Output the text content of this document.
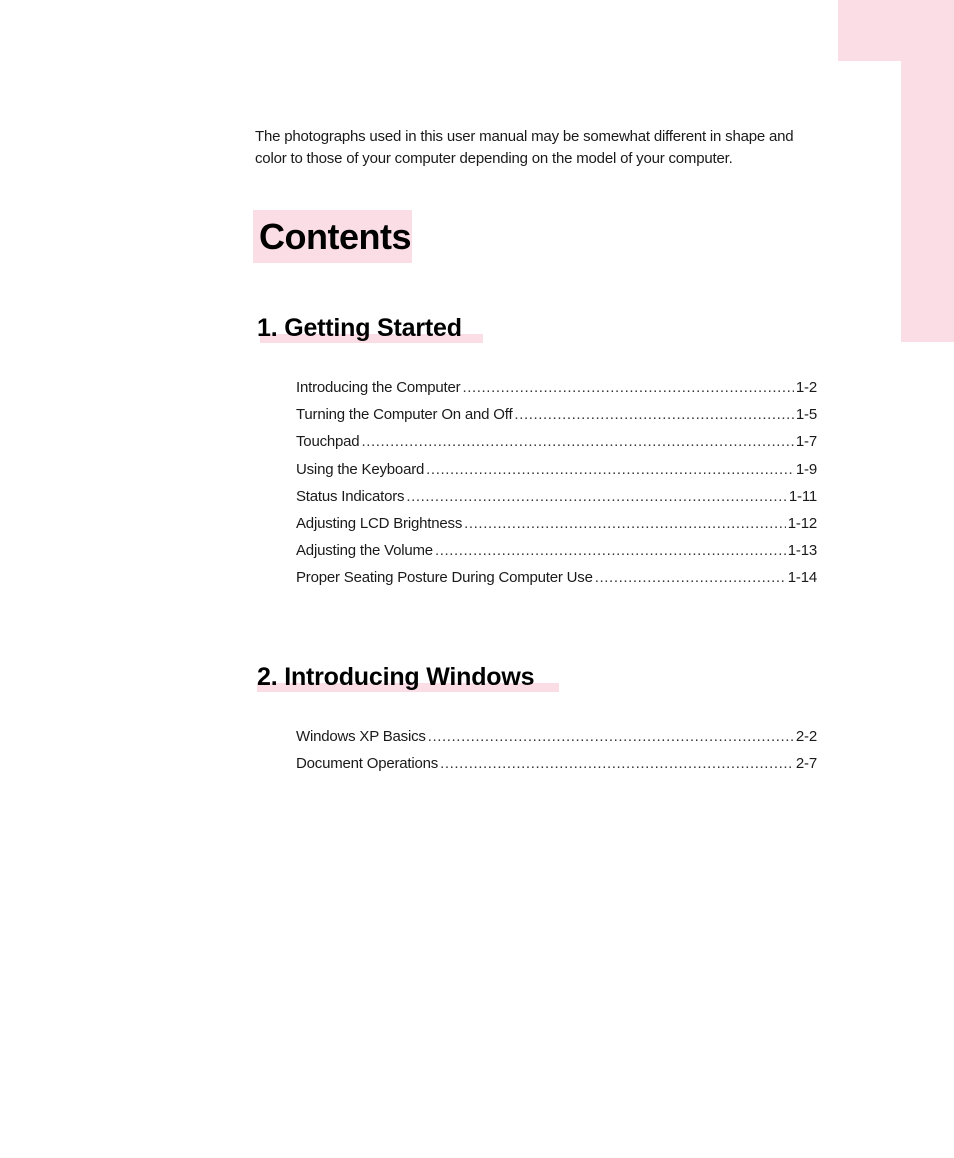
The photographs used in this user manual may be somewhat different in shape and color to those of your computer depending on the model of your computer.

Contents
1. Getting Started
Introducing the Computer .....	1-2
Turning the Computer On and Off .....	1-5
Touchpad .....	1-7
Using the Keyboard .....	1-9
Status Indicators .....	1-11
Adjusting LCD Brightness .....	1-12
Adjusting the Volume .....	1-13
Proper Seating Posture During Computer Use .....	1-14
2. Introducing Windows
Windows XP Basics .....	2-2
Document Operations .....	2-7
